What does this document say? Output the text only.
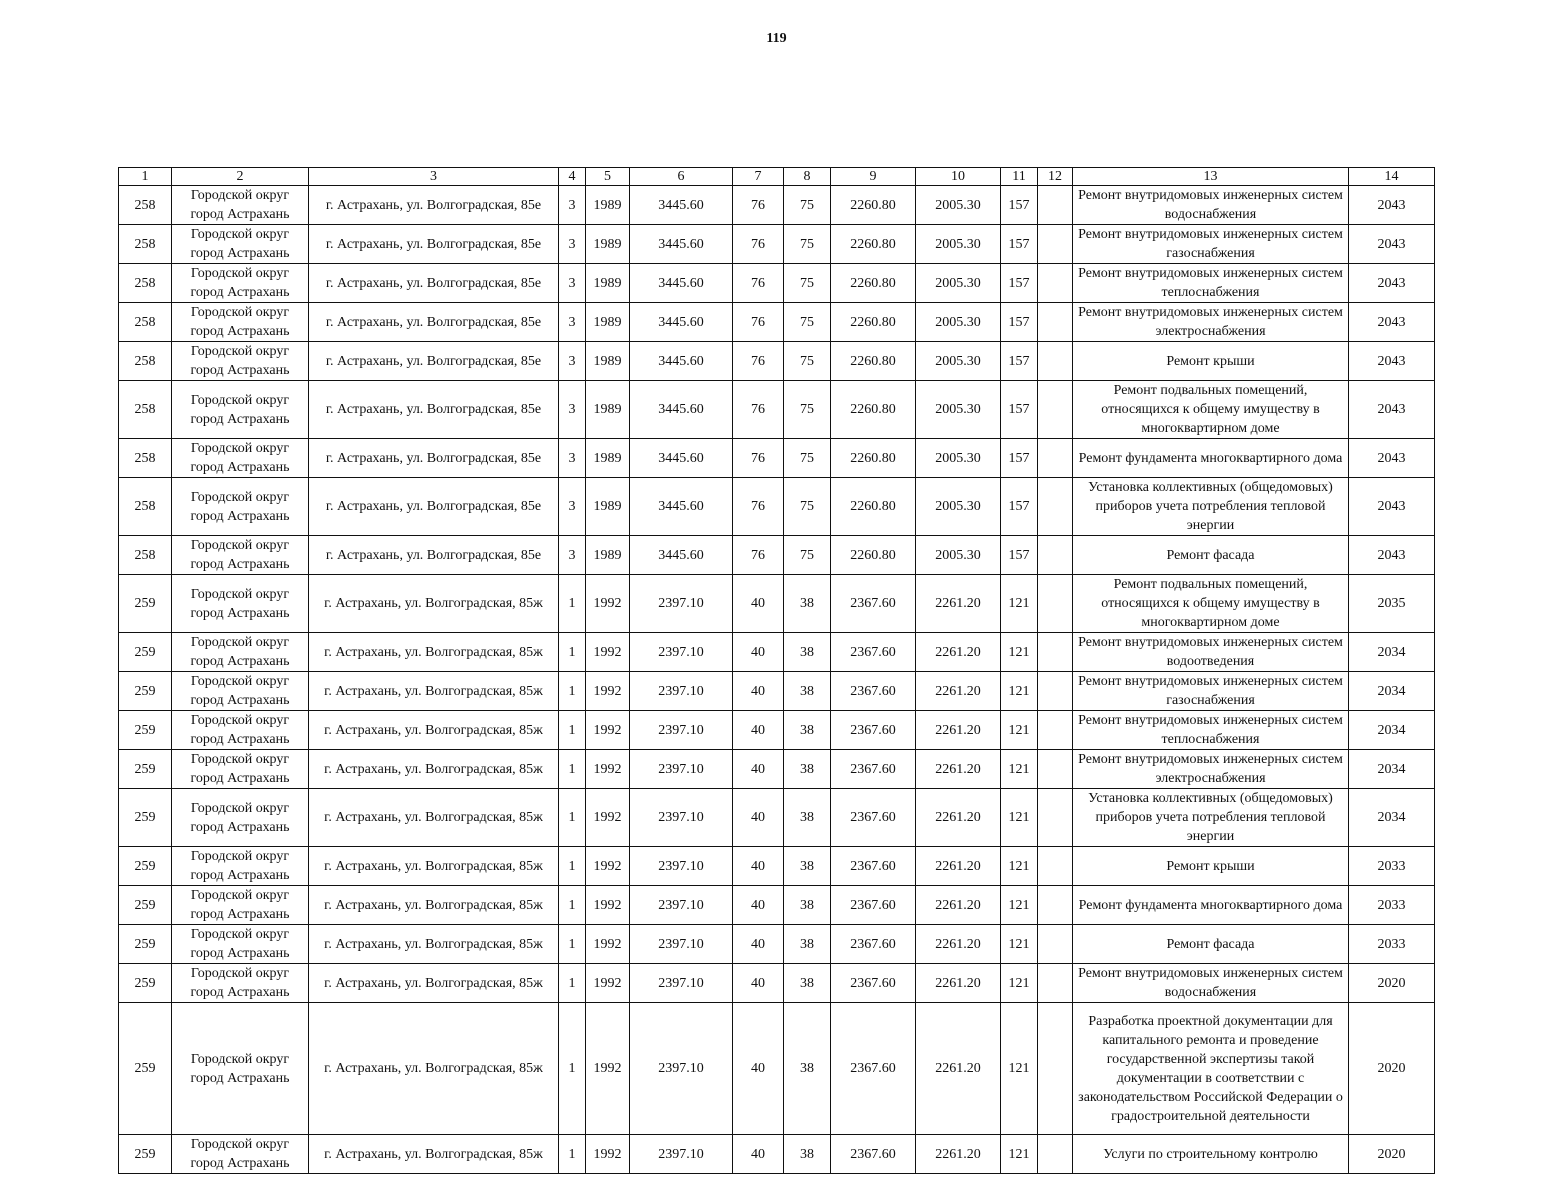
119
1	2	3	4	5	6	7	8	9	10	11	12	13	14
258	Городской округ город Астрахань	г. Астрахань, ул. Волгоградская, 85е	3	1989	3445.60	76	75	2260.80	2005.30	157		Ремонт внутридомовых инженерных систем водоснабжения	2043
258	Городской округ город Астрахань	г. Астрахань, ул. Волгоградская, 85е	3	1989	3445.60	76	75	2260.80	2005.30	157		Ремонт внутридомовых инженерных систем газоснабжения	2043
258	Городской округ город Астрахань	г. Астрахань, ул. Волгоградская, 85е	3	1989	3445.60	76	75	2260.80	2005.30	157		Ремонт внутридомовых инженерных систем теплоснабжения	2043
258	Городской округ город Астрахань	г. Астрахань, ул. Волгоградская, 85е	3	1989	3445.60	76	75	2260.80	2005.30	157		Ремонт внутридомовых инженерных систем электроснабжения	2043
258	Городской округ город Астрахань	г. Астрахань, ул. Волгоградская, 85е	3	1989	3445.60	76	75	2260.80	2005.30	157		Ремонт крыши	2043
258	Городской округ город Астрахань	г. Астрахань, ул. Волгоградская, 85е	3	1989	3445.60	76	75	2260.80	2005.30	157		Ремонт подвальных помещений, относящихся к общему имуществу в многоквартирном доме	2043
258	Городской округ город Астрахань	г. Астрахань, ул. Волгоградская, 85е	3	1989	3445.60	76	75	2260.80	2005.30	157		Ремонт фундамента многоквартирного дома	2043
258	Городской округ город Астрахань	г. Астрахань, ул. Волгоградская, 85е	3	1989	3445.60	76	75	2260.80	2005.30	157		Установка коллективных (общедомовых) приборов учета потребления тепловой энергии	2043
258	Городской округ город Астрахань	г. Астрахань, ул. Волгоградская, 85е	3	1989	3445.60	76	75	2260.80	2005.30	157		Ремонт фасада	2043
259	Городской округ город Астрахань	г. Астрахань, ул. Волгоградская, 85ж	1	1992	2397.10	40	38	2367.60	2261.20	121		Ремонт подвальных помещений, относящихся к общему имуществу в многоквартирном доме	2035
259	Городской округ город Астрахань	г. Астрахань, ул. Волгоградская, 85ж	1	1992	2397.10	40	38	2367.60	2261.20	121		Ремонт внутридомовых инженерных систем водоотведения	2034
259	Городской округ город Астрахань	г. Астрахань, ул. Волгоградская, 85ж	1	1992	2397.10	40	38	2367.60	2261.20	121		Ремонт внутридомовых инженерных систем газоснабжения	2034
259	Городской округ город Астрахань	г. Астрахань, ул. Волгоградская, 85ж	1	1992	2397.10	40	38	2367.60	2261.20	121		Ремонт внутридомовых инженерных систем теплоснабжения	2034
259	Городской округ город Астрахань	г. Астрахань, ул. Волгоградская, 85ж	1	1992	2397.10	40	38	2367.60	2261.20	121		Ремонт внутридомовых инженерных систем электроснабжения	2034
259	Городской округ город Астрахань	г. Астрахань, ул. Волгоградская, 85ж	1	1992	2397.10	40	38	2367.60	2261.20	121		Установка коллективных (общедомовых) приборов учета потребления тепловой энергии	2034
259	Городской округ город Астрахань	г. Астрахань, ул. Волгоградская, 85ж	1	1992	2397.10	40	38	2367.60	2261.20	121		Ремонт крыши	2033
259	Городской округ город Астрахань	г. Астрахань, ул. Волгоградская, 85ж	1	1992	2397.10	40	38	2367.60	2261.20	121		Ремонт фундамента многоквартирного дома	2033
259	Городской округ город Астрахань	г. Астрахань, ул. Волгоградская, 85ж	1	1992	2397.10	40	38	2367.60	2261.20	121		Ремонт фасада	2033
259	Городской округ город Астрахань	г. Астрахань, ул. Волгоградская, 85ж	1	1992	2397.10	40	38	2367.60	2261.20	121		Ремонт внутридомовых инженерных систем водоснабжения	2020
259	Городской округ город Астрахань	г. Астрахань, ул. Волгоградская, 85ж	1	1992	2397.10	40	38	2367.60	2261.20	121		Разработка проектной документации для капитального ремонта и проведение государственной экспертизы такой документации в соответствии с законодательством Российской Федерации о градостроительной деятельности	2020
259	Городской округ город Астрахань	г. Астрахань, ул. Волгоградская, 85ж	1	1992	2397.10	40	38	2367.60	2261.20	121		Услуги по строительному контролю	2020
